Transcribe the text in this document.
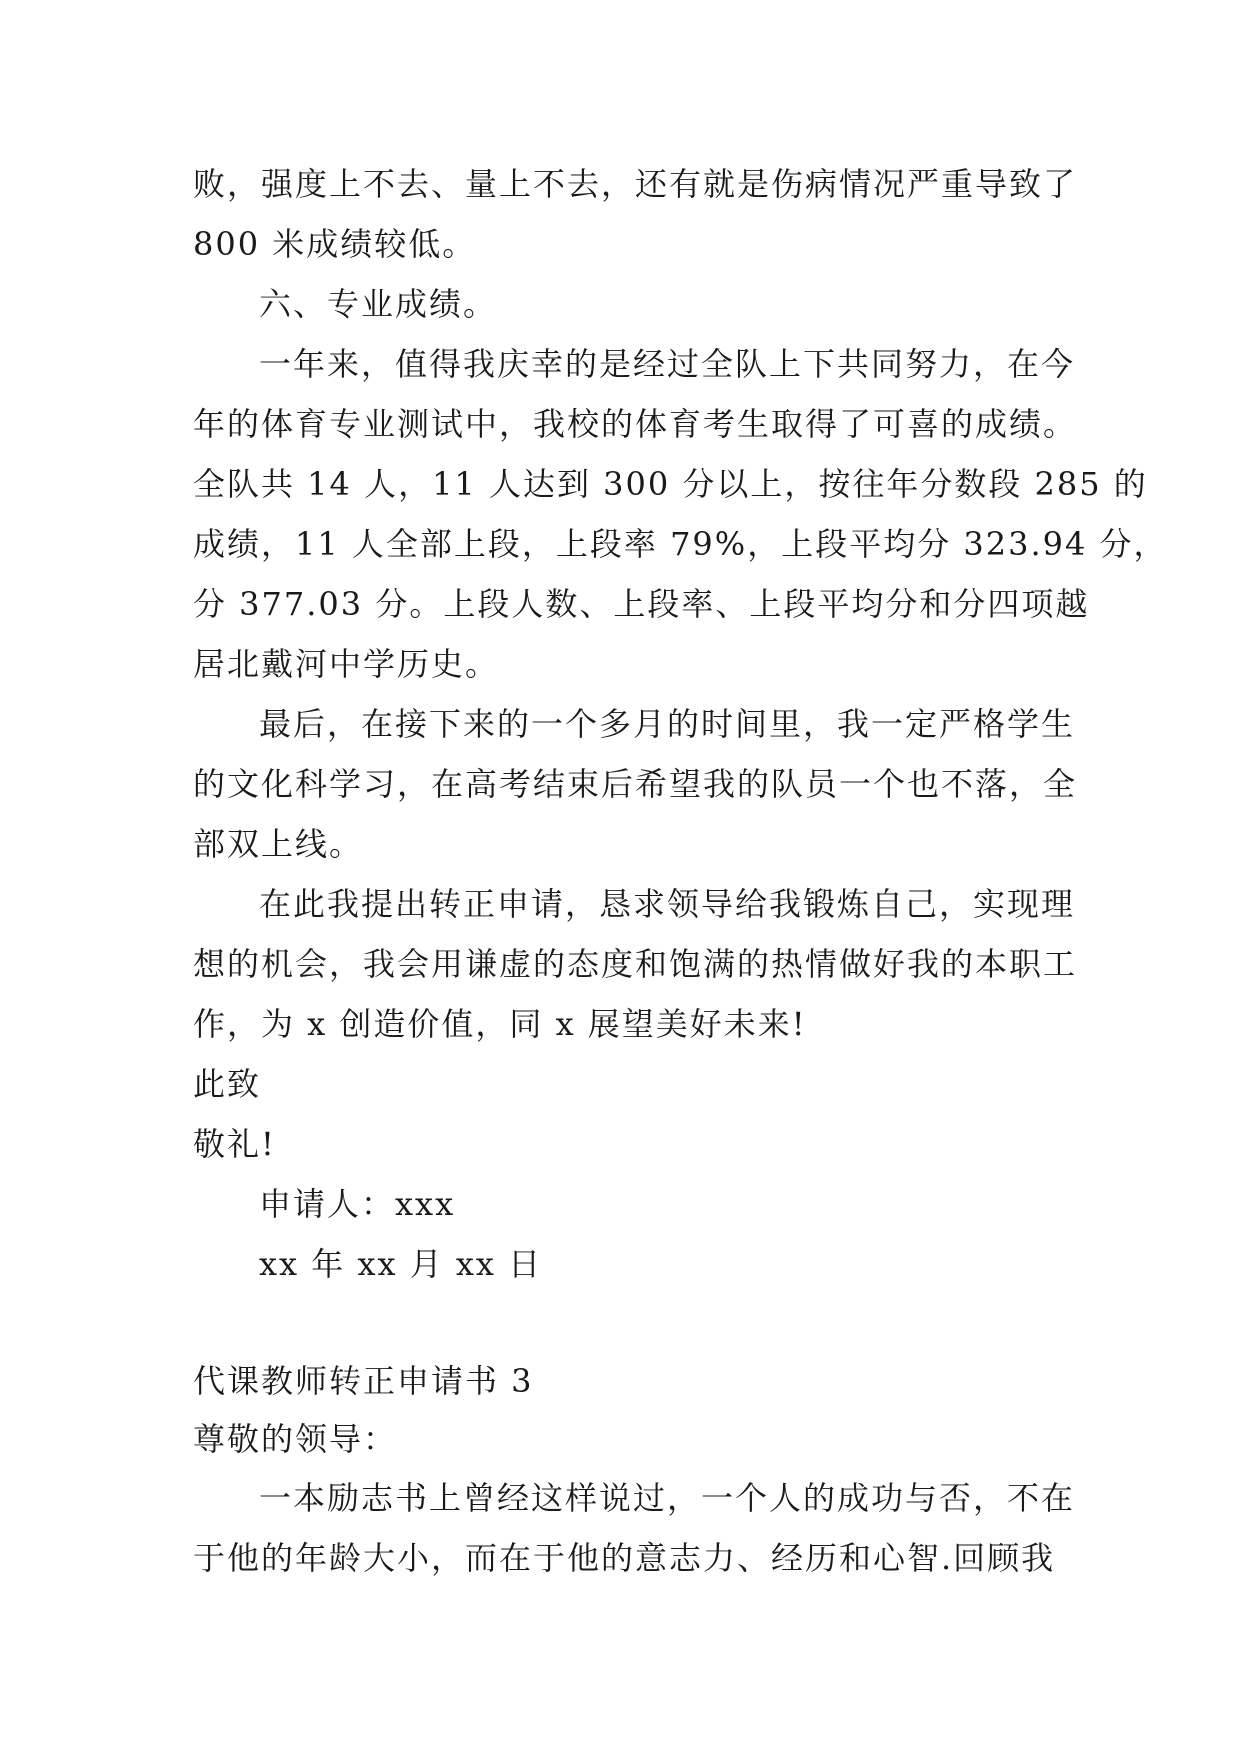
败，强度上不去、量上不去，还有就是伤病情况严重导致了
800 米成绩较低。
六、专业成绩。
一年来，值得我庆幸的是经过全队上下共同努力，在今
年的体育专业测试中，我校的体育考生取得了可喜的成绩。
全队共 14 人，11 人达到 300 分以上，按往年分数段 285 的
成绩，11 人全部上段，上段率 79%，上段平均分 323.94 分，
分 377.03 分。上段人数、上段率、上段平均分和分四项越
居北戴河中学历史。
最后，在接下来的一个多月的时间里，我一定严格学生
的文化科学习，在高考结束后希望我的队员一个也不落，全
部双上线。
在此我提出转正申请，恳求领导给我锻炼自己，实现理
想的机会，我会用谦虚的态度和饱满的热情做好我的本职工
作，为 x 创造价值，同 x 展望美好未来!
此致
敬礼!
申请人：xxx
xx 年 xx 月 xx 日
代课教师转正申请书 3
尊敬的领导：
一本励志书上曾经这样说过，一个人的成功与否，不在
于他的年龄大小，而在于他的意志力、经历和心智.回顾我
